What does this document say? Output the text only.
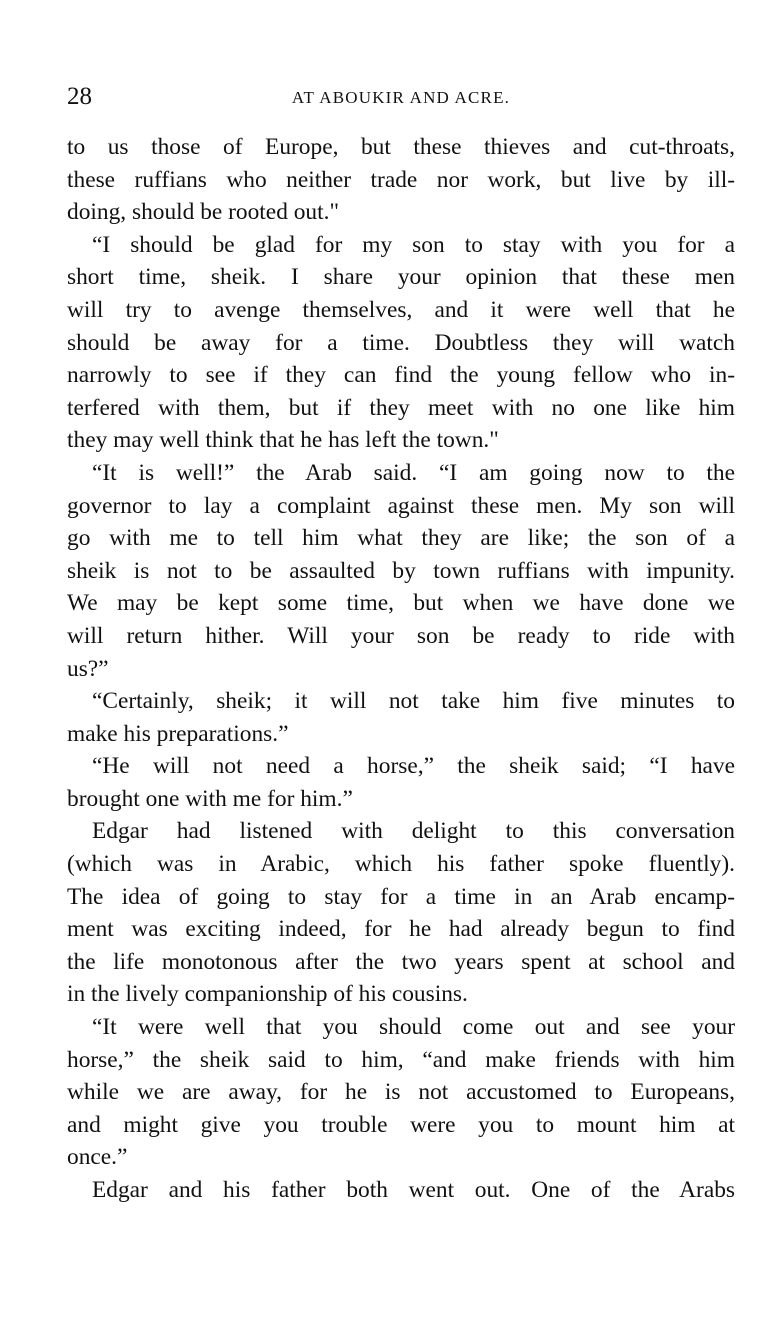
28	AT ABOUKIR AND ACRE.
to us those of Europe, but these thieves and cut-throats,
these ruffians who neither trade nor work, but live by ill-
doing, should be rooted out."
“I should be glad for my son to stay with you for a
short time, sheik. I share your opinion that these men
will try to avenge themselves, and it were well that he
should be away for a time. Doubtless they will watch
narrowly to see if they can find the young fellow who in-
terfered with them, but if they meet with no one like him
they may well think that he has left the town."
“It is well!” the Arab said. “I am going now to the
governor to lay a complaint against these men. My son will
go with me to tell him what they are like; the son of a
sheik is not to be assaulted by town ruffians with impunity.
We may be kept some time, but when we have done we
will return hither. Will your son be ready to ride with
us?”
“Certainly, sheik; it will not take him five minutes to
make his preparations.”
“He will not need a horse,” the sheik said; “I have
brought one with me for him.”
Edgar had listened with delight to this conversation
(which was in Arabic, which his father spoke fluently).
The idea of going to stay for a time in an Arab encamp-
ment was exciting indeed, for he had already begun to find
the life monotonous after the two years spent at school and
in the lively companionship of his cousins.
“It were well that you should come out and see your
horse,” the sheik said to him, “and make friends with him
while we are away, for he is not accustomed to Europeans,
and might give you trouble were you to mount him at
once.”
Edgar and his father both went out. One of the Arabs
